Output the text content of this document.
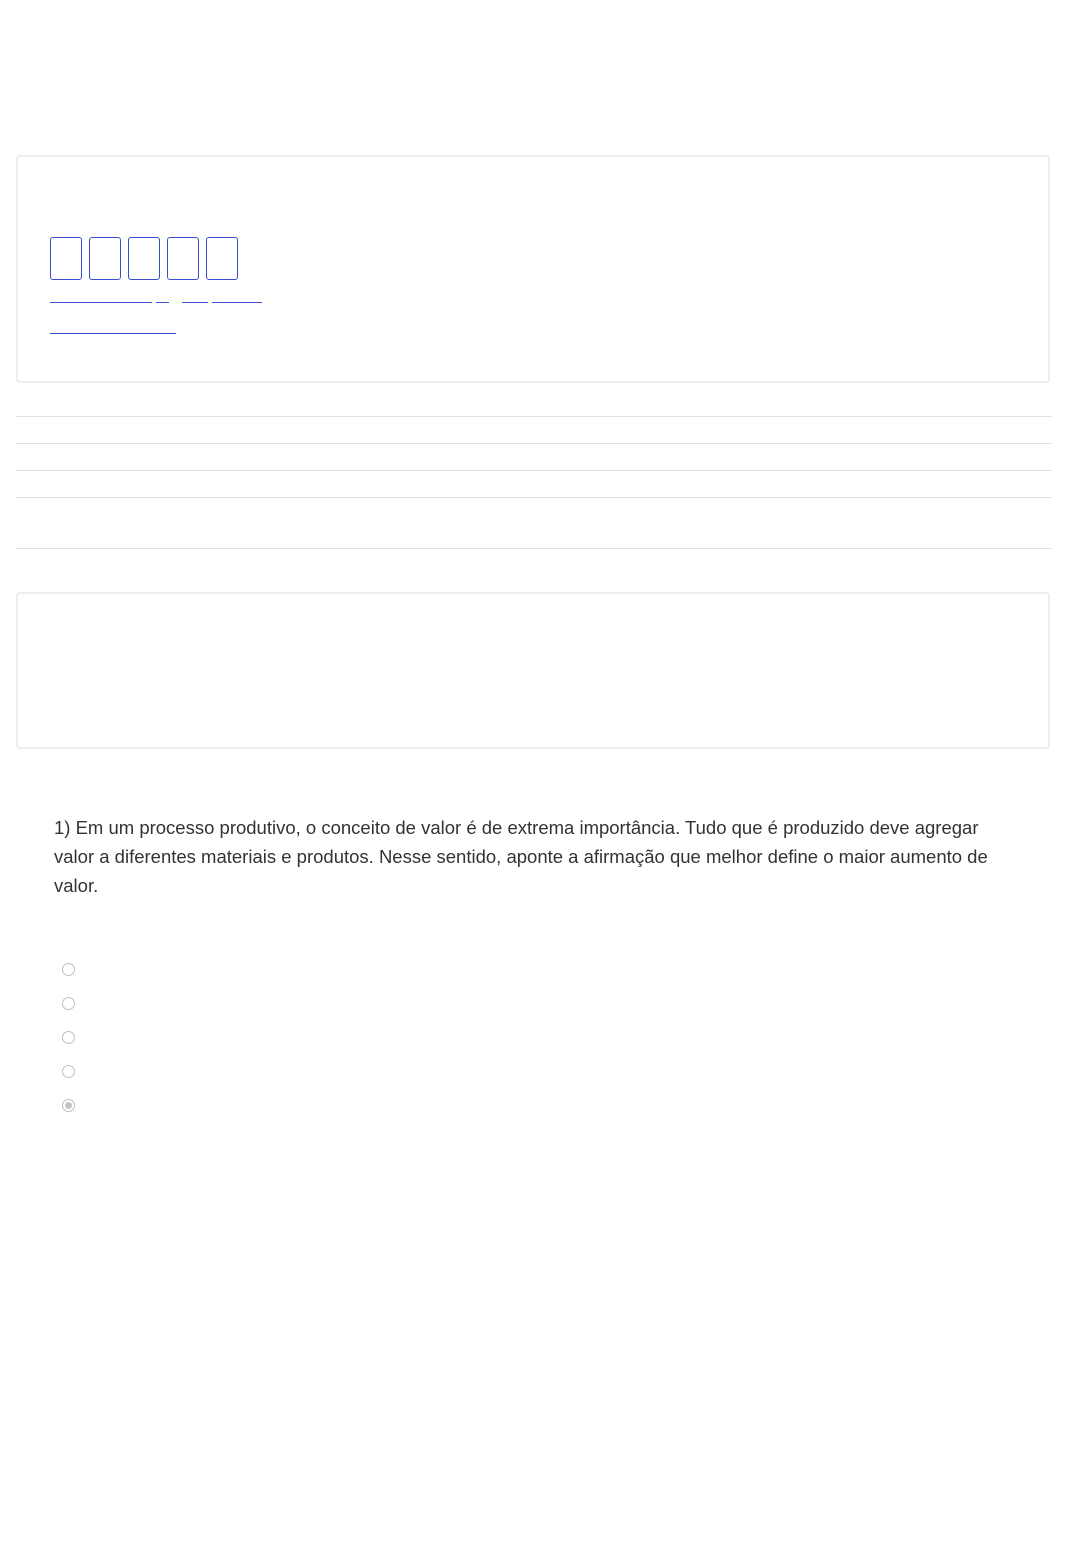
1) Em um processo produtivo, o conceito de valor é de extrema importância. Tudo que é produzido deve agregar valor a diferentes materiais e produtos. Nesse sentido, aponte a afirmação que melhor define o maior aumento de valor.
